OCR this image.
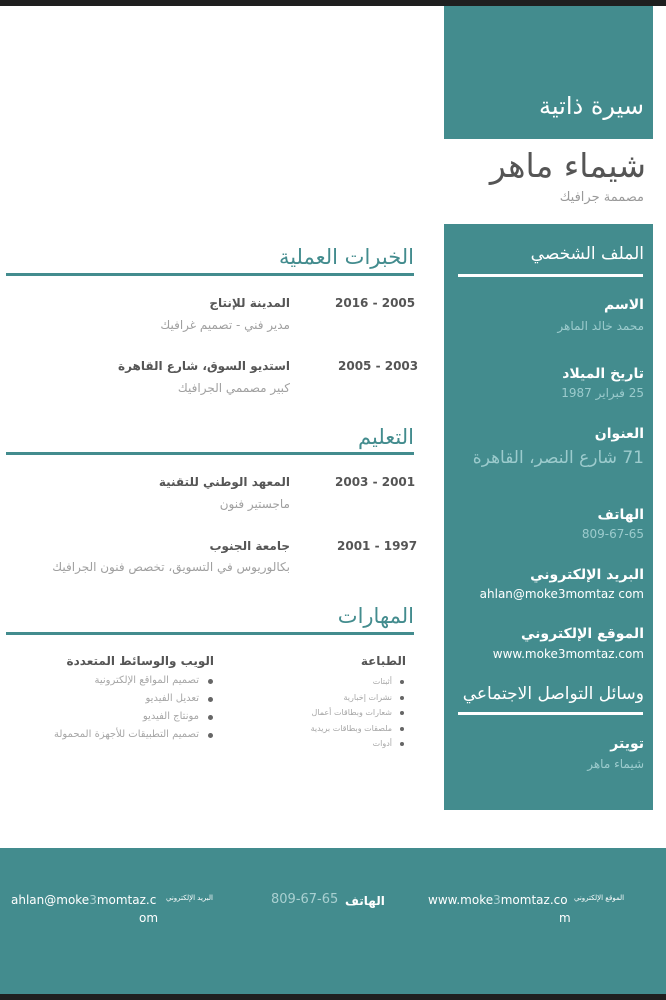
سيرة ذاتية
شيماء ماهر
مصممة جرافيك
الملف الشخصي
الاسم
محمد خالد الماهر
تاريخ الميلاد
25 فبراير 1987
العنوان
71 شارع النصر، القاهرة
الهاتف
809-67-65
البريد الإلكتروني
ahlan@moke3momtaz com
الموقع الإلكتروني
www.moke3momtaz.com
وسائل التواصل الاجتماعي
تويتر
شيماء ماهر
الخبرات العملية
2016 - 2005
المدينة للإنتاج
مدير فني - تصميم غرافيك
2005 - 2003
استديو السوق، شارع القاهرة
كبير مصممي الجرافيك
التعليم
2003 - 2001
المعهد الوطني للتقنية
ماجستير فنون
2001 - 1997
جامعة الجنوب
بكالوريوس في التسويق، تخصص فنون الجرافيك
المهارات
الطباعة
أثبتات
نشرات إخبارية
شعارات وبطاقات أعمال
ملصقات وبطاقات بريدية
أدوات
الويب والوسائط المتعددة
تصميم المواقع الإلكترونية
تعديل الفيديو
مونتاج الفيديو
تصميم التطبيقات للأجهزة المحمولة
الموقع الإلكتروني
www.moke3momtaz.co
m
الهاتف
809-67-65
البريد الإلكتروني
ahlan@moke3momtaz.c
om
